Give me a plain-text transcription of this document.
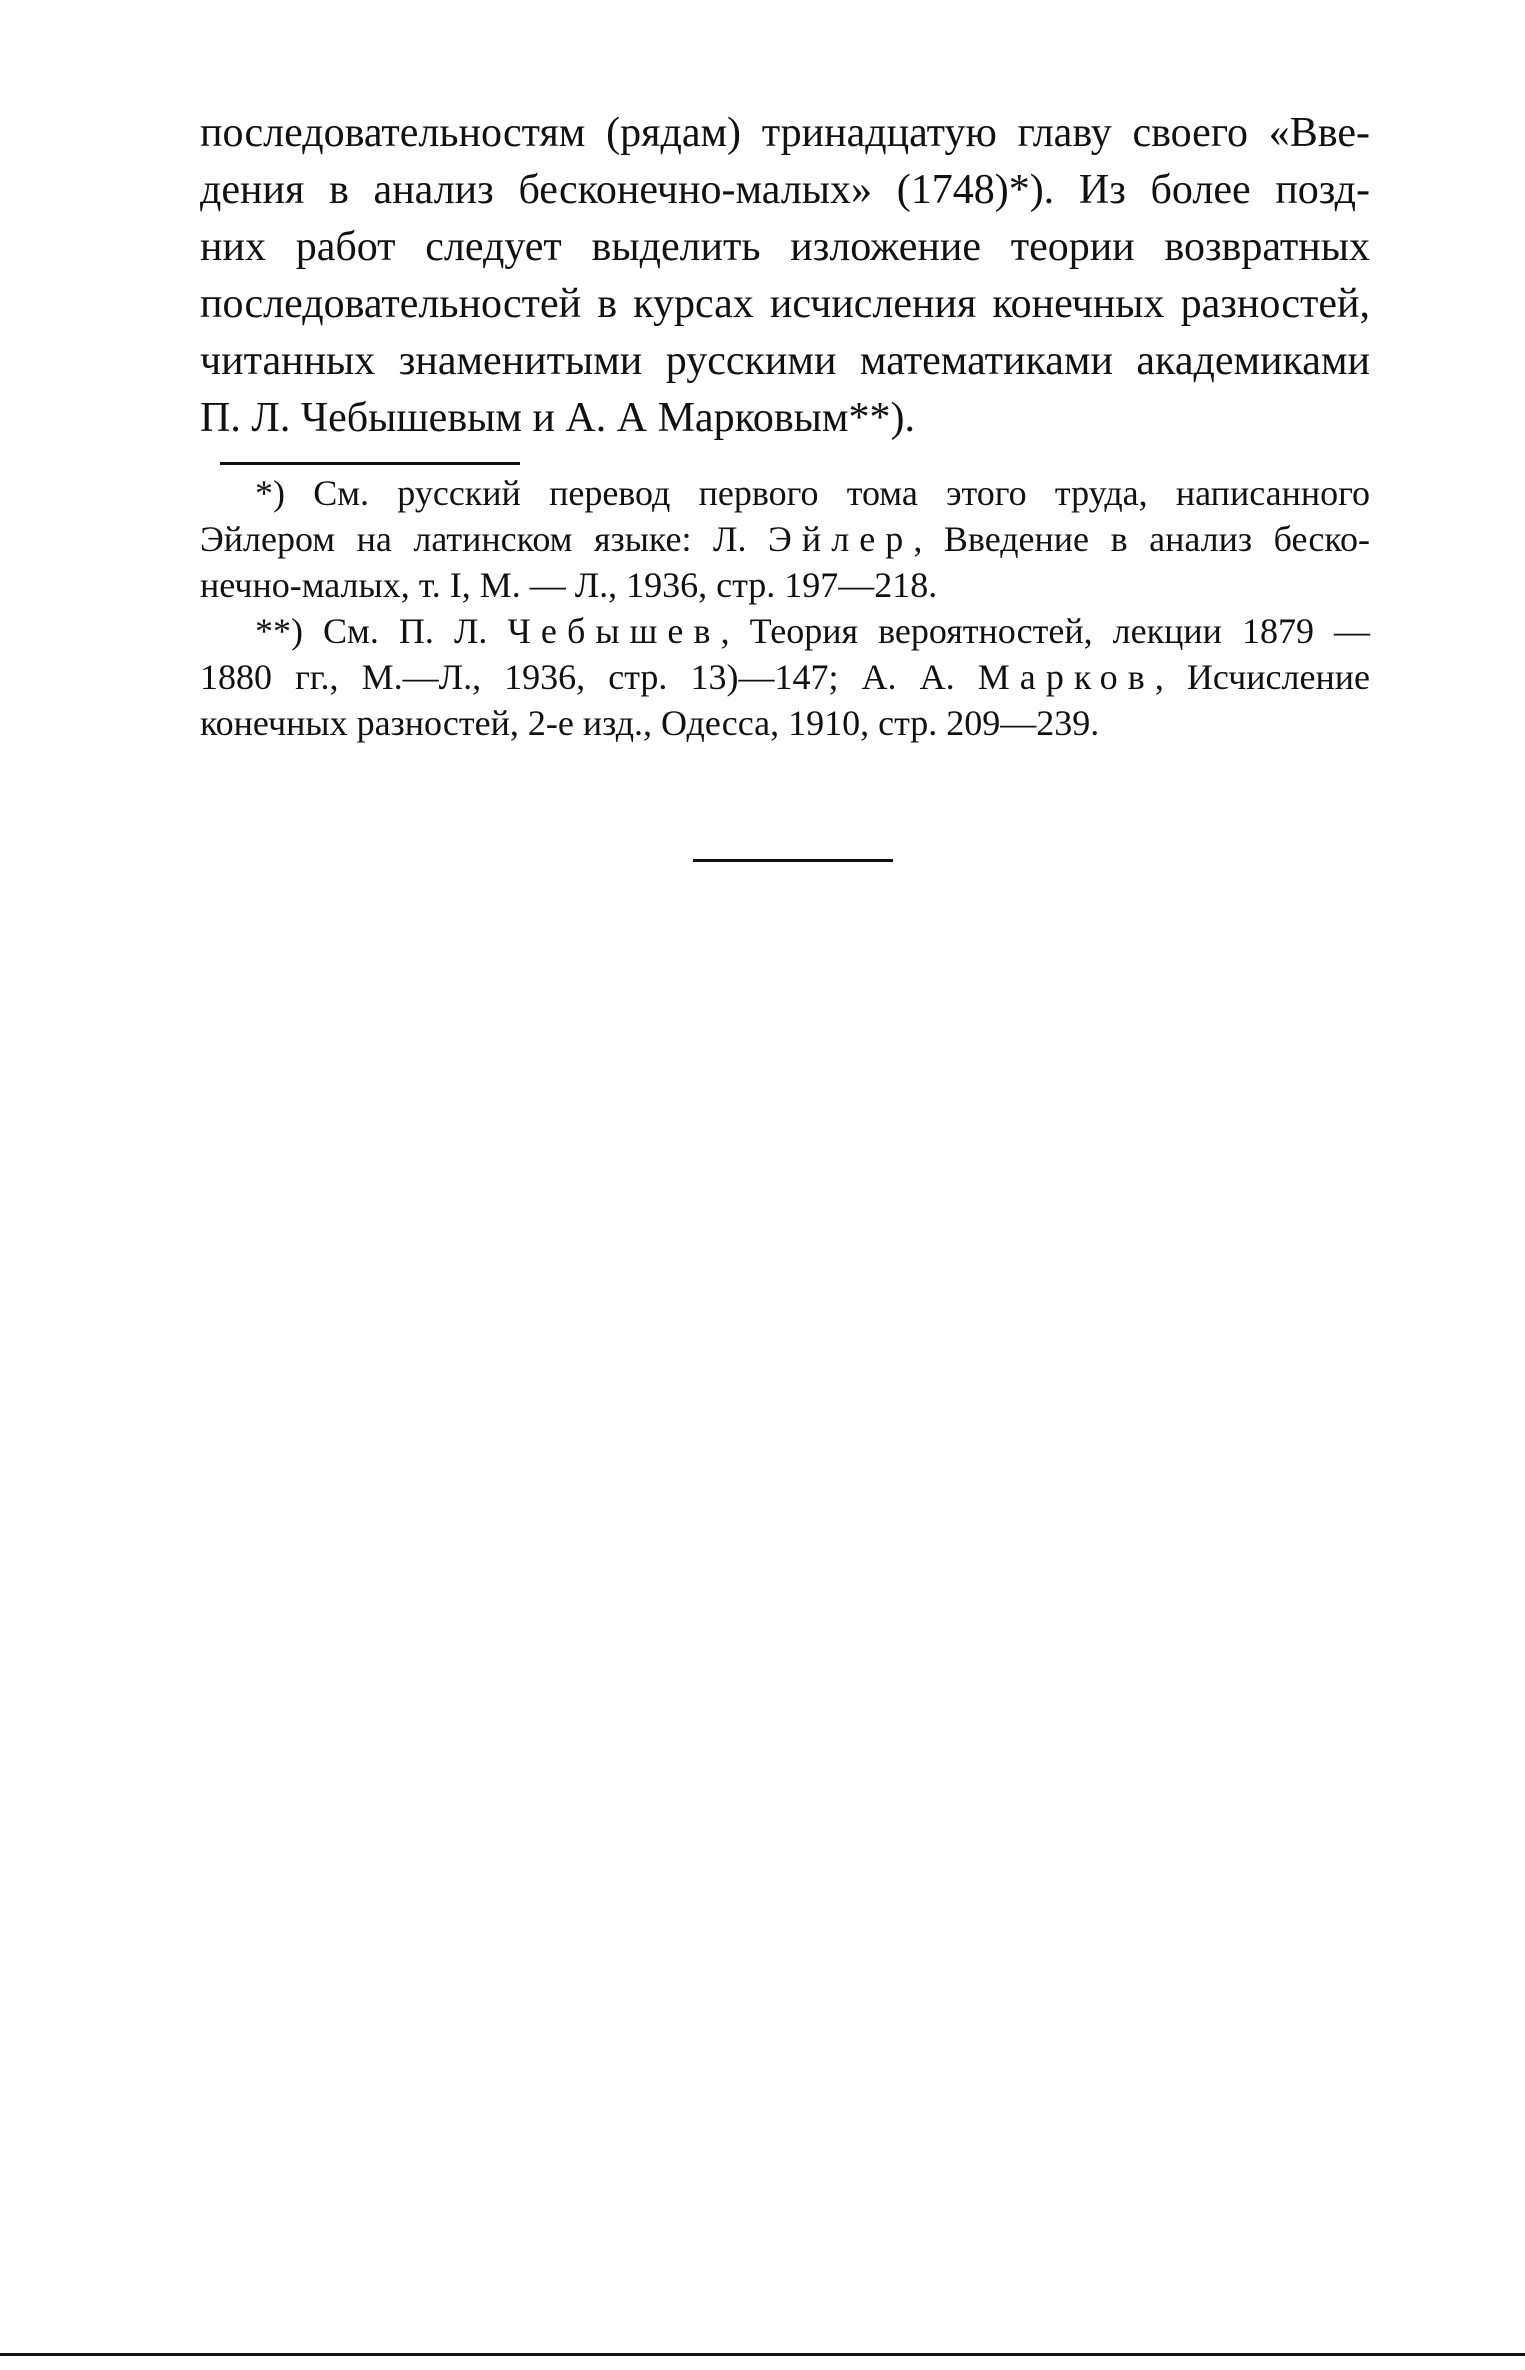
последовательностям (рядам) тринадцатую главу своего «Вве-
дения в анализ бесконечно-малых» (1748)*). Из более позд-
них работ следует выделить изложение теории возвратных
последовательностей в курсах исчисления конечных разностей,
читанных знаменитыми русскими математиками академиками
П. Л. Чебышевым и А. А Марковым**).
*) См. русский перевод первого тома этого труда, написанного
Эйлером на латинском языке: Л. Эйлер, Введение в анализ беско-
нечно-малых, т. I, М. — Л., 1936, стр. 197—218.
**) См. П. Л. Чебышев, Теория вероятностей, лекции 1879 —
1880 гг., М.—Л., 1936, стр. 13)—147; А. А. Марков, Исчисление
конечных разностей, 2-е изд., Одесса, 1910, стр. 209—239.
